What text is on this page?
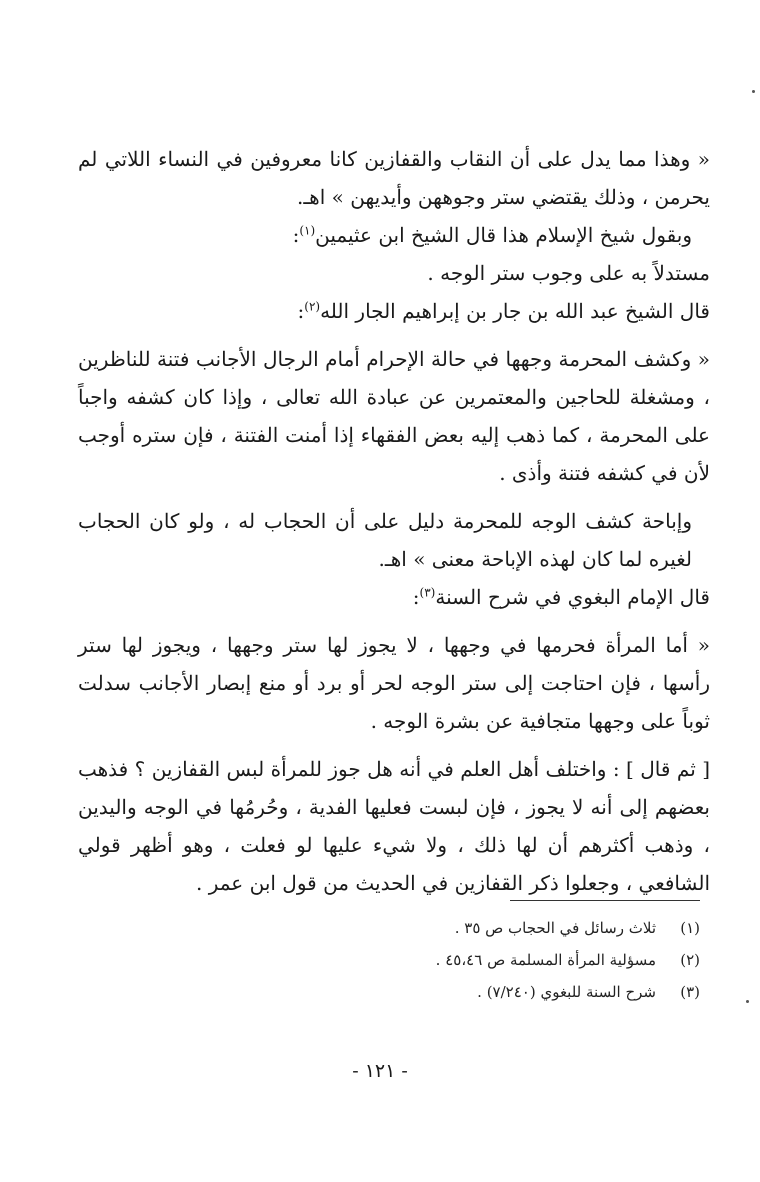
« وهذا مما يدل على أن النقاب والقفازين كانا معروفين في النساء اللاتي لم يحرمن ، وذلك يقتضي ستر وجوههن وأيديهن » اهـ.

وبقول شيخ الإسلام هذا قال الشيخ ابن عثيمين$^{(١)}$:

مستدلاً به على وجوب ستر الوجه .

قال الشيخ عبد الله بن جار بن إبراهيم الجار الله$^{(٢)}$:

« وكشف المحرمة وجهها في حالة الإحرام أمام الرجال الأجانب فتنة للناظرين ، ومشغلة للحاجين والمعتمرين عن عبادة الله تعالى ، وإذا كان كشفه واجباً على المحرمة ، كما ذهب إليه بعض الفقهاء إذا أمنت الفتنة ، فإن ستره أوجب لأن في كشفه فتنة وأذى .

وإباحة كشف الوجه للمحرمة دليل على أن الحجاب له ، ولو كان الحجاب لغيره لما كان لهذه الإباحة معنى » اهـ.

قال الإمام البغوي في شرح السنة$^{(٣)}$:

« أما المرأة فحرمها في وجهها ، لا يجوز لها ستر وجهها ، ويجوز لها ستر رأسها ، فإن احتاجت إلى ستر الوجه لحر أو برد أو منع إبصار الأجانب سدلت ثوباً على وجهها متجافية عن بشرة الوجه .

[ ثم قال ] : واختلف أهل العلم في أنه هل جوز للمرأة لبس القفازين ؟ فذهب بعضهم إلى أنه لا يجوز ، فإن لبست فعليها الفدية ، وحُرمُها في الوجه واليدين ، وذهب أكثرهم أن لها ذلك ، ولا شيء عليها لو فعلت ، وهو أظهر قولي الشافعي ، وجعلوا ذكر القفازين في الحديث من قول ابن عمر .

(١)ثلاث رسائل في الحجاب ص ٣٥ .
(٢)مسؤلية المرأة المسلمة ص ٤٥،٤٦ .
(٣)شرح السنة للبغوي (٧/٢٤٠) .
- ١٢١ -
